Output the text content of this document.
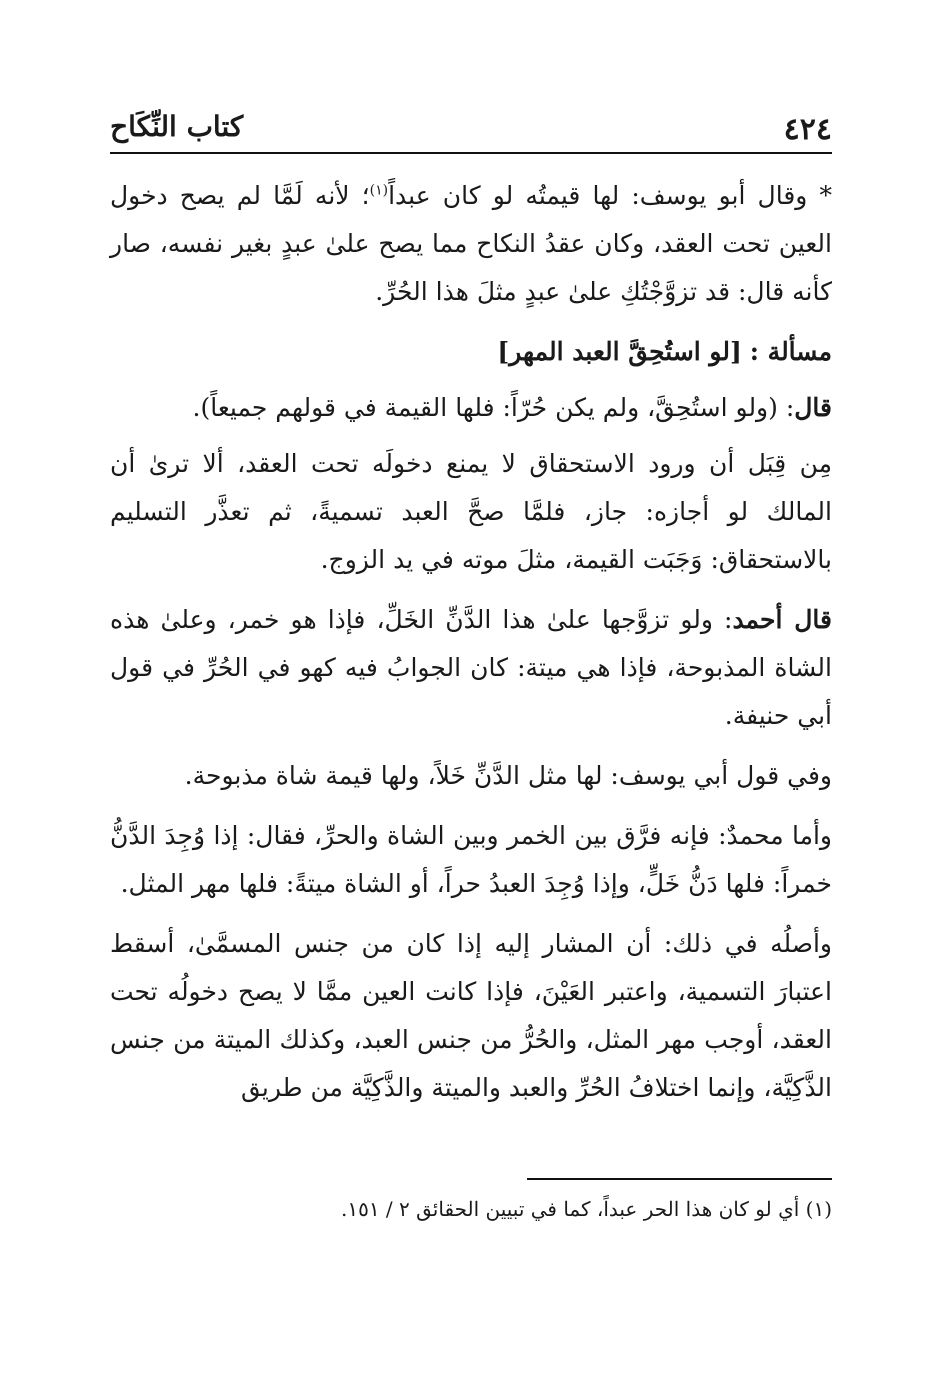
٤٢٤
كتاب النِّكَاح

* وقال أبو يوسف: لها قيمتُه لو كان عبداً$^{(١)}$؛ لأنه لَمَّا لم يصح دخول العين تحت العقد، وكان عقدُ النكاح مما يصح علىٰ عبدٍ بغير نفسه، صار كأنه قال: قد تزوَّجْتُكِ علىٰ عبدٍ مثلَ هذا الحُرِّ.

مسألة : [لو استُحِقَّ العبد المهر]

قال: (ولو استُحِقَّ، ولم يكن حُرّاً: فلها القيمة في قولهم جميعاً).

مِن قِبَل أن ورود الاستحقاق لا يمنع دخولَه تحت العقد، ألا ترىٰ أن المالك لو أجازه: جاز، فلمَّا صحَّ العبد تسميةً، ثم تعذَّر التسليم بالاستحقاق: وَجَبَت القيمة، مثلَ موته في يد الزوج.

قال أحمد: ولو تزوَّجها علىٰ هذا الدَّنِّ الخَلِّ، فإذا هو خمر، وعلىٰ هذه الشاة المذبوحة، فإذا هي ميتة: كان الجوابُ فيه كهو في الحُرِّ في قول أبي حنيفة.

وفي قول أبي يوسف: لها مثل الدَّنِّ خَلاً، ولها قيمة شاة مذبوحة.

وأما محمدٌ: فإنه فرَّق بين الخمر وبين الشاة والحرِّ، فقال: إذا وُجِدَ الدَّنُّ خمراً: فلها دَنُّ خَلٍّ، وإذا وُجِدَ العبدُ حراً، أو الشاة ميتةً: فلها مهر المثل.

وأصلُه في ذلك: أن المشار إليه إذا كان من جنس المسمَّىٰ، أسقط اعتبارَ التسمية، واعتبر العَيْنَ، فإذا كانت العين ممَّا لا يصح دخولُه تحت العقد، أوجب مهر المثل، والحُرُّ من جنس العبد، وكذلك الميتة من جنس الذَّكِيَّة، وإنما اختلافُ الحُرِّ والعبد والميتة والذَّكِيَّة من طريق

(١) أي لو كان هذا الحر عبداً، كما في تبيين الحقائق ٢ / ١٥١.
